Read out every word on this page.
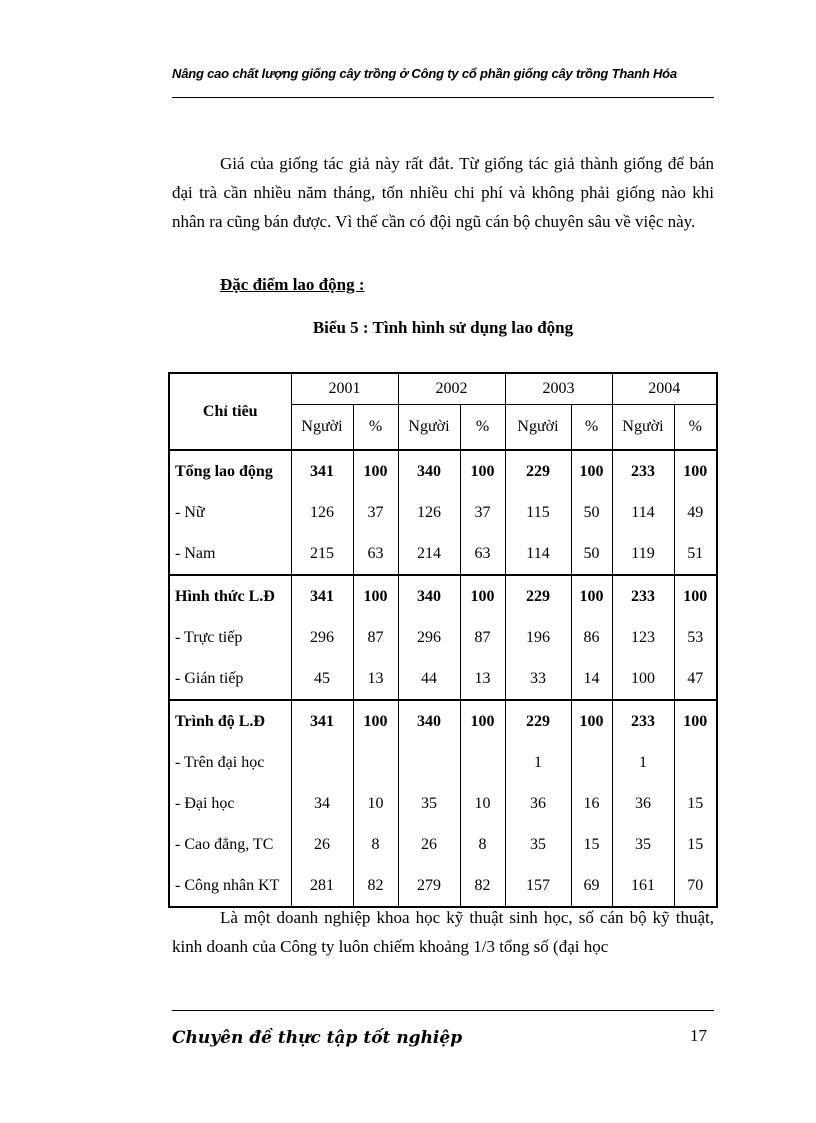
Nâng cao chất lượng giống cây trồng ở Công ty cổ phần giống cây trồng Thanh Hóa
Giá của giống tác giả này rất đắt. Từ giống tác giả thành giống để bán đại trà cần nhiều năm tháng, tốn nhiều chi phí và không phải giống nào khi nhân ra cũng bán được. Vì thế cần có đội ngũ cán bộ chuyên sâu về việc này.
Đặc điểm lao động :
Biểu 5 : Tình hình sử dụng lao động
Chỉ tiêu	2001		2002		2003		2004	
	Người	%	Người	%	Người	%	Người	%
Tổng lao động	341	100	340	100	229	100	233	100
- Nữ	126	37	126	37	115	50	114	49
- Nam	215	63	214	63	114	50	119	51
Hình thức L.Đ	341	100	340	100	229	100	233	100
- Trực tiếp	296	87	296	87	196	86	123	53
- Gián tiếp	45	13	44	13	33	14	100	47
Trình độ L.Đ	341	100	340	100	229	100	233	100
- Trên đại học					1		1	
- Đại học	34	10	35	10	36	16	36	15
- Cao đẳng, TC	26	8	26	8	35	15	35	15
- Công nhân KT	281	82	279	82	157	69	161	70
Là một doanh nghiệp khoa học kỹ thuật sinh học, số cán bộ kỹ thuật, kinh doanh của Công ty luôn chiếm khoảng 1/3 tổng số (đại học
Chuyên đề thực tập tốt nghiệp	17
